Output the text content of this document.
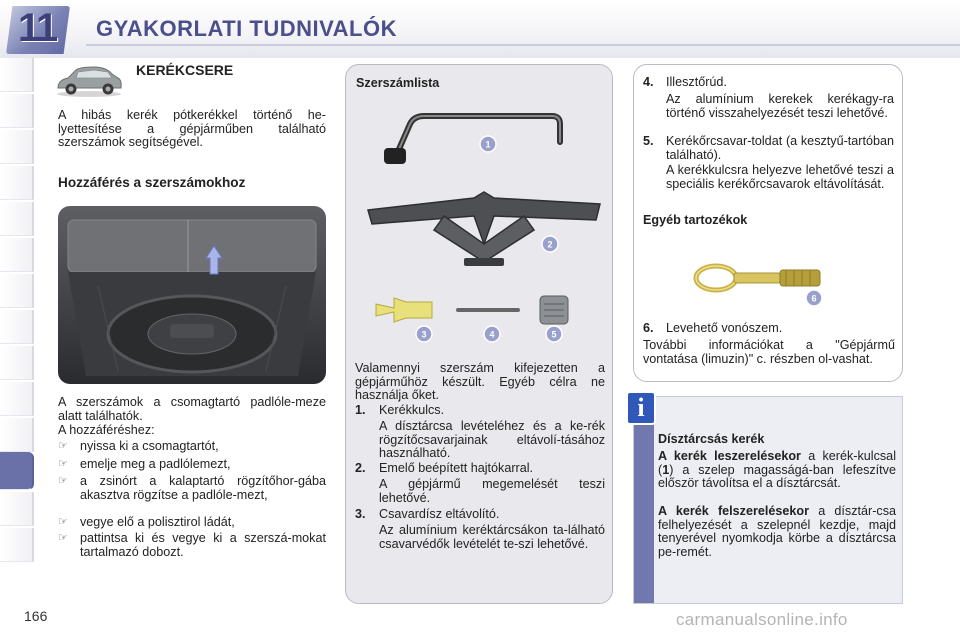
11 GYAKORLATI TUDNIVALÓK
KERÉKCSERE
A hibás kerék pótkerékkel történő he-lyettesítése a gépjárműben található szerszámok segítségével.
Hozzáférés a szerszámokhoz
A szerszámok a csomagtartó padlóle-meze alatt találhatók.
A hozzáféréshez:
☞ nyissa ki a csomagtartót,
☞ emelje meg a padlólemezt,
☞ a zsinórt a kalaptartó rögzítőhor-gába akasztva rögzítse a padlóle-mezt,
☞ vegye elő a polisztirol ládát,
☞ pattintsa ki és vegye ki a szerszá-mokat tartalmazó dobozt.
Szerszámlista
1
2
3	4	5
Valamennyi szerszám kifejezetten a gépjárműhöz készült. Egyéb célra ne használja őket.
1. Kerékkulcs.
A dísztárcsa levételéhez és a ke-rék rögzítőcsavarjainak eltávolí-tásához használható.
2. Emelő beépített hajtókarral.
A gépjármű megemelését teszi lehetővé.
3. Csavardísz eltávolító.
Az alumínium keréktárcsákon ta-lálható csavarvédők levételét te-szi lehetővé.
4. Illesztőrúd.
Az alumínium kerekek kerékagy-ra történő visszahelyezését teszi lehetővé.
5. Kerékőrcsavar-toldat (a kesztyű-tartóban található).
A kerékkulcsra helyezve lehetővé teszi a speciális kerékőrcsavarok eltávolítását.
Egyéb tartozékok
6
6. Levehető vonószem.
További információkat a "Gépjármű vontatása (limuzin)" c. részben ol-vashat.
i
Dísztárcsás kerék
A kerék leszerelésekor a kerék-kulcsal (1) a szelep magasságá-ban lefeszítve először távolítsa el a dísztárcsát.
A kerék felszerelésekor a dísztár-csa felhelyezését a szelepnél kezdje, majd tenyerével nyomkodja körbe a dísztárcsa pe-remét.
166	carmanualsonline.info
